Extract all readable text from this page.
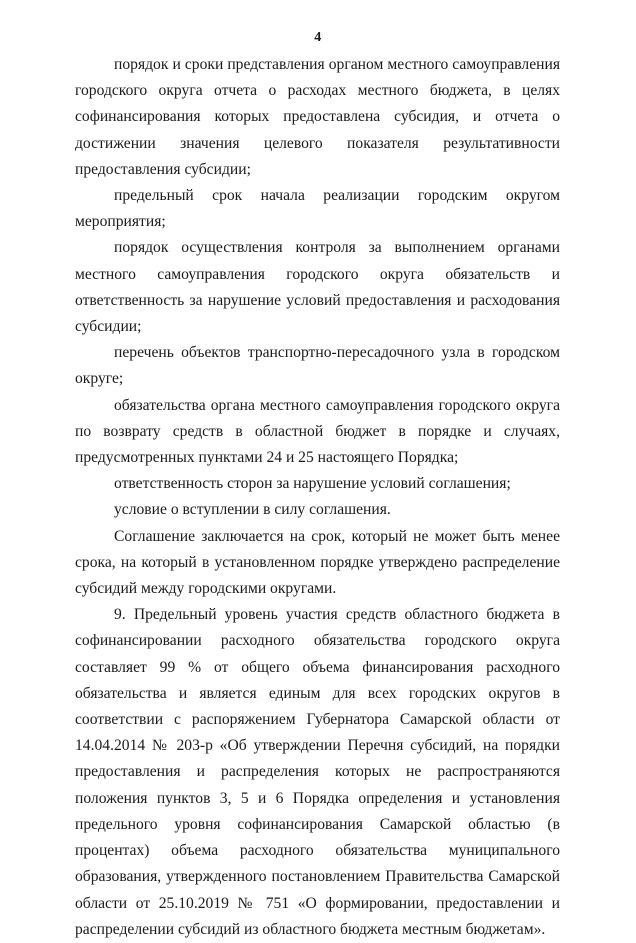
4

порядок и сроки представления органом местного самоуправления городского округа отчета о расходах местного бюджета, в целях софинансирования которых предоставлена субсидия, и отчета о достижении значения целевого показателя результативности предоставления субсидии;

предельный срок начала реализации городским округом мероприятия;

порядок осуществления контроля за выполнением органами местного самоуправления городского округа обязательств и ответственность за нарушение условий предоставления и расходования субсидии;

перечень объектов транспортно-пересадочного узла в городском округе;

обязательства органа местного самоуправления городского округа по возврату средств в областной бюджет в порядке и случаях, предусмотренных пунктами 24 и 25 настоящего Порядка;

ответственность сторон за нарушение условий соглашения;

условие о вступлении в силу соглашения.

Соглашение заключается на срок, который не может быть менее срока, на который в установленном порядке утверждено распределение субсидий между городскими округами.

9. Предельный уровень участия средств областного бюджета в софинансировании расходного обязательства городского округа составляет 99 % от общего объема финансирования расходного обязательства и является единым для всех городских округов в соответствии с распоряжением Губернатора Самарской области от 14.04.2014 № 203-р «Об утверждении Перечня субсидий, на порядки предоставления и распределения которых не распространяются положения пунктов 3, 5 и 6 Порядка определения и установления предельного уровня софинансирования Самарской областью (в процентах) объема расходного обязательства муниципального образования, утвержденного постановлением Правительства Самарской области от 25.10.2019 № 751 «О формировании, предоставлении и распределении субсидий из областного бюджета местным бюджетам».
